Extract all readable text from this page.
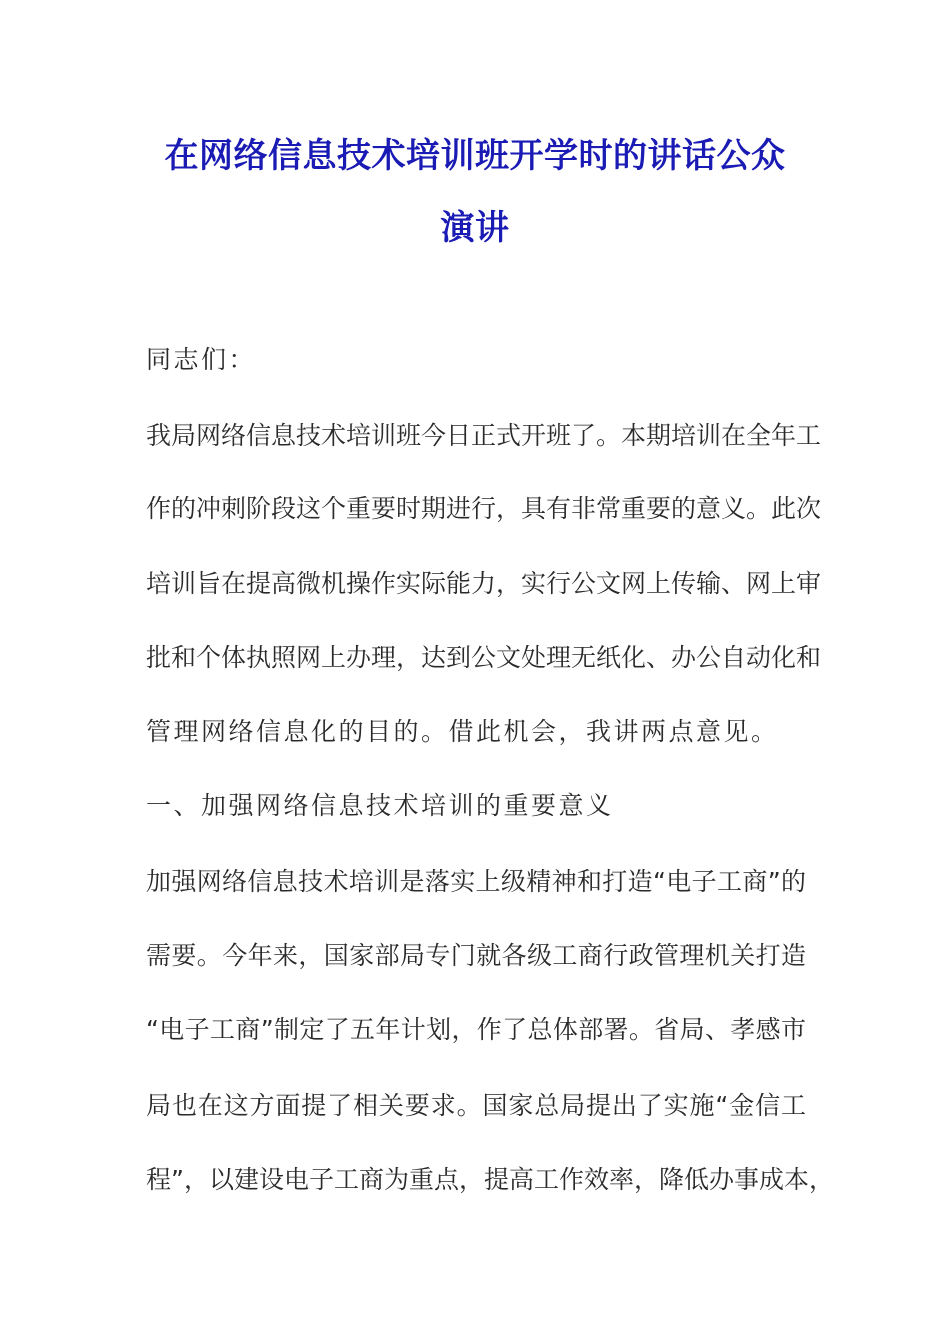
在网络信息技术培训班开学时的讲话公众
演讲
同志们：
我局网络信息技术培训班今日正式开班了。本期培训在全年工
作的冲刺阶段这个重要时期进行，具有非常重要的意义。此次
培训旨在提高微机操作实际能力，实行公文网上传输、网上审
批和个体执照网上办理，达到公文处理无纸化、办公自动化和
管理网络信息化的目的。借此机会，我讲两点意见。
一、加强网络信息技术培训的重要意义
加强网络信息技术培训是落实上级精神和打造“电子工商”的
需要。今年来，国家部局专门就各级工商行政管理机关打造
“电子工商”制定了五年计划，作了总体部署。省局、孝感市
局也在这方面提了相关要求。国家总局提出了实施“金信工
程”，以建设电子工商为重点，提高工作效率，降低办事成本，
